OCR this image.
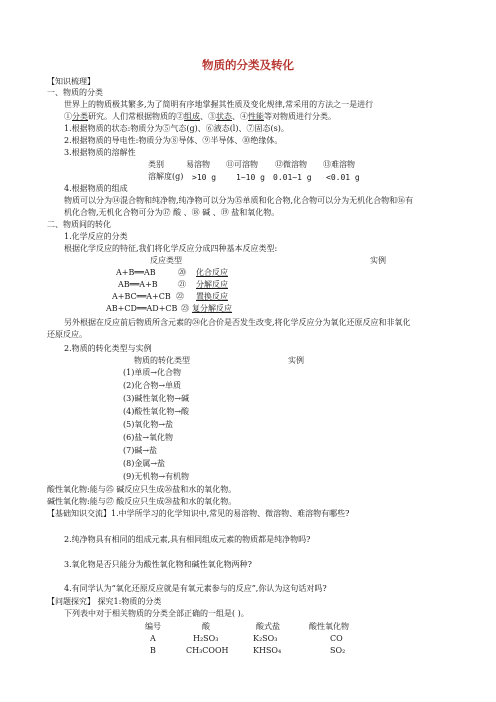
物质的分类及转化
【知识梳理】
一、物质的分类
世界上的物质极其繁多,为了简明有序地掌握其性质及变化规律,常采用的方法之一是进行
①分类研究。人们常根据物质的②组成、③状态、④性能等对物质进行分类。
1.根据物质的状态:物质分为⑤气态(g)、⑥液态(l)、⑦固态(s)。
2.根据物质的导电性:物质分为⑧导体、⑨半导体、⑩绝缘体。
3.根据物质的溶解性
类别	易溶物 ⑪可溶物 ⑫微溶物 ⑬难溶物
溶解度(g) >10 g 1~10 g 0.01~1 g <0.01 g
4.根据物质的组成
物质可以分为⑭混合物和纯净物,纯净物可以分为⑮单质和化合物,化合物可以分为无机化合物和⑯有
机化合物,无机化合物可分为⑰ 酸 、⑱ 碱 、⑲ 盐和氧化物。
二、物质间的转化
1.化学反应的分类
根据化学反应的特征,我们将化学反应分成四种基本反应类型:
反应类型	实例
A+B══AB	⑳ 化合反应
AB══A+B	㉑ 分解反应
A+BC══A+CB ㉒ 置换反应
AB+CD══AD+CB ㉓ 复分解反应
另外根据在反应前后物质所含元素的㉔化合价是否发生改变,将化学反应分为氧化还原反应和非氧化
还原反应。
2.物质的转化类型与实例
物质的转化类型	实例
(1)单质→化合物
(2)化合物→单质
(3)碱性氧化物→碱
(4)酸性氧化物→酸
(5)氧化物→盐
(6)盐→氧化物
(7)碱→盐
(8)金属→盐
(9)无机物→有机物
酸性氧化物:能与㉕ 碱反应只生成㉖盐和水的氧化物。
碱性氧化物:能与㉗ 酸反应只生成㉘盐和水的氧化物。
【基础知识交流】1.中学所学习的化学知识中,常见的易溶物、微溶物、难溶物有哪些?
2.纯净物具有相同的组成元素,具有相同组成元素的物质都是纯净物吗?
3.氧化物是否只能分为酸性氧化物和碱性氧化物两种?
4.有同学认为“氧化还原反应就是有氧元素参与的反应”,你认为这句话对吗?
【问题探究】 探究1:物质的分类
下列表中对于相关物质的分类全部正确的一组是( )。
编号	酸	酸式盐	酸性氧化物
A	H₂SO₃	K₂SO₃	CO
B	CH₃COOH	KHSO₄	SO₂
